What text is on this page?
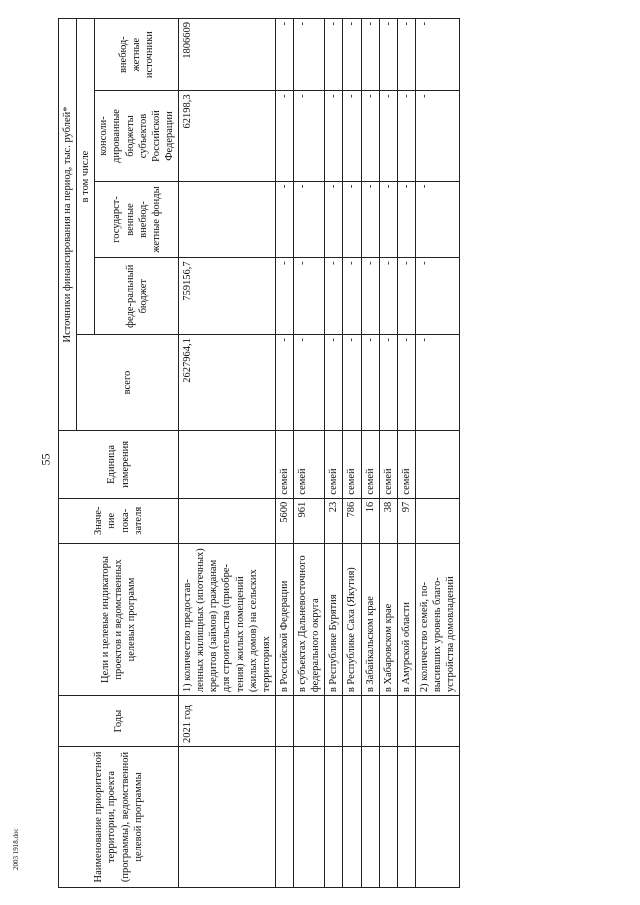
55
2003 1918.doc	Наименование приоритетной территории, проекта (программы), ведомственной целевой программы	Годы	Цели и целевые индикаторы проектов и ведомственных целевых программ	Значе-ние пока-зателя	Единица измерения	Источники финансирования на период, тыс. рублей*				
					всего	в том числе			
						феде-ральный бюджет	государст-венные внебюд-жетные фонды	консоли-дированные бюджеты субъектов Российской Федерации	внебюд-жетные источники
	2021 год	1) количество предостав-ленных жилищных (ипотечных) кредитов (займов) гражданам для строительства (приобре-тения) жилых помещений (жилых домов) на сельских территориях			2627964,1	759156,7		62198,3	1806609
		в Российской Федерации	5600	семей	-	-	-	-	-
		в субъектах Дальневосточного федерального округа	961	семей	-	-	-	-	-
		в Республике Бурятия	23	семей	-	-	-	-	-
		в Республике Саха (Якутия)	786	семей	-	-	-	-	-
		в Забайкальском крае	16	семей	-	-	-	-	-
		в Хабаровском крае	38	семей	-	-	-	-	-
		в Амурской области	97	семей	-	-	-	-	-
		2) количество семей, по-высивших уровень благо-устройства домовладений			-	-	-	-	-
